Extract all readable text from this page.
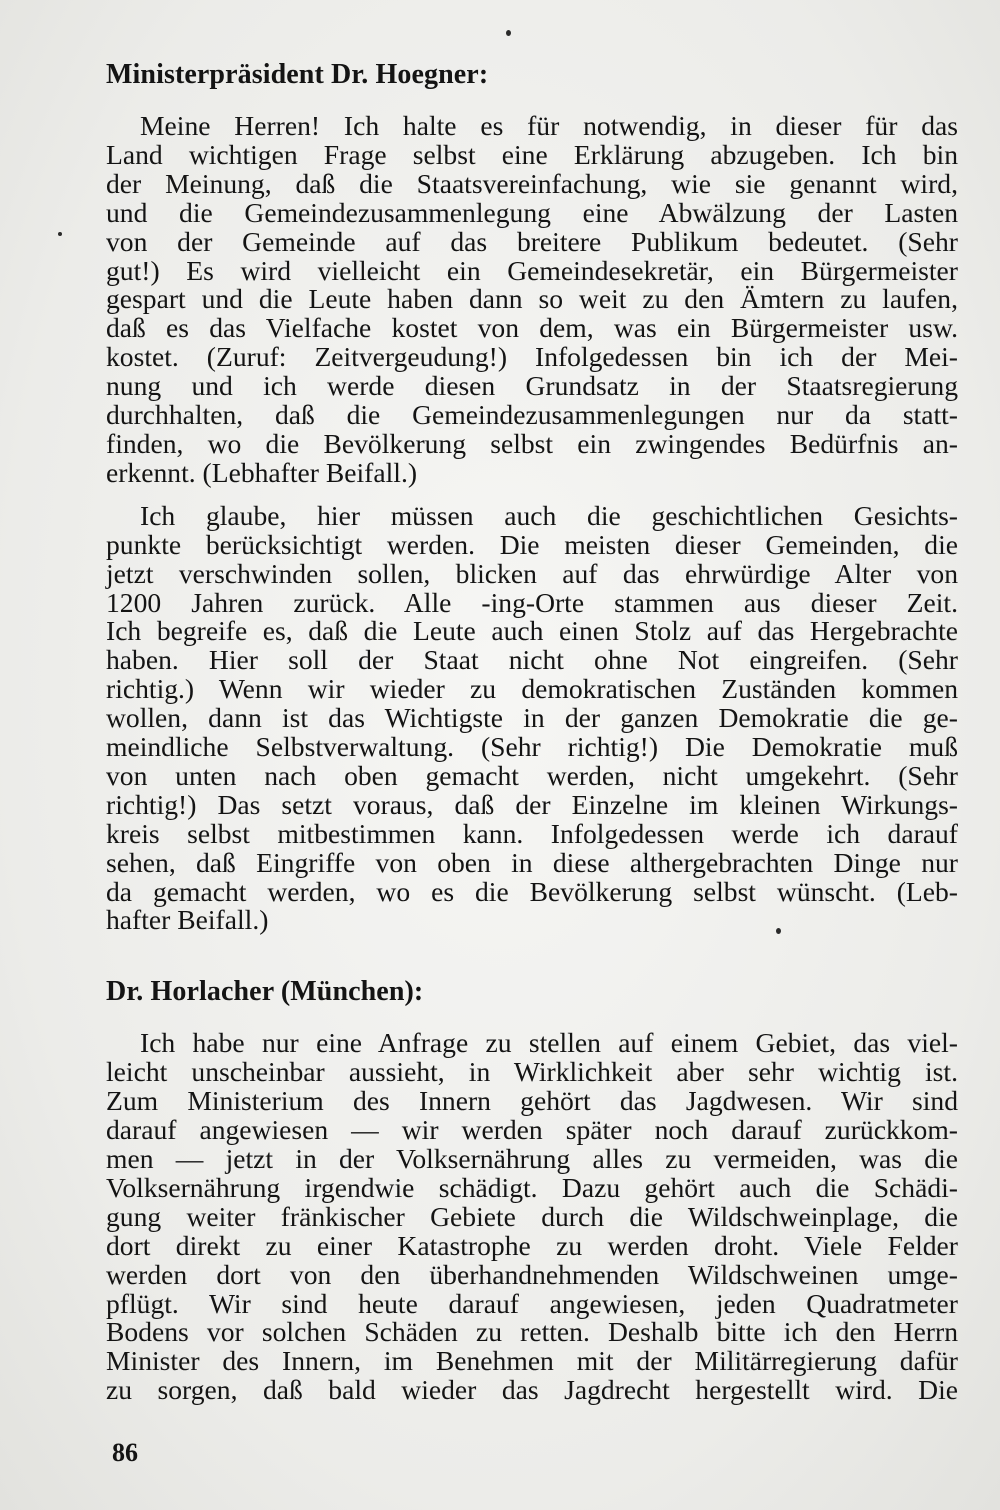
Ministerpräsident Dr. Hoegner:
Meine Herren! Ich halte es für notwendig, in dieser für das
Land wichtigen Frage selbst eine Erklärung abzugeben. Ich bin
der Meinung, daß die Staatsvereinfachung, wie sie genannt wird,
und die Gemeindezusammenlegung eine Abwälzung der Lasten
von der Gemeinde auf das breitere Publikum bedeutet. (Sehr
gut!) Es wird vielleicht ein Gemeindesekretär, ein Bürgermeister
gespart und die Leute haben dann so weit zu den Ämtern zu laufen,
daß es das Vielfache kostet von dem, was ein Bürgermeister usw.
kostet. (Zuruf: Zeitvergeudung!) Infolgedessen bin ich der Mei-
nung und ich werde diesen Grundsatz in der Staatsregierung
durchhalten, daß die Gemeindezusammenlegungen nur da statt-
finden, wo die Bevölkerung selbst ein zwingendes Bedürfnis an-
erkennt. (Lebhafter Beifall.)
Ich glaube, hier müssen auch die geschichtlichen Gesichts-
punkte berücksichtigt werden. Die meisten dieser Gemeinden, die
jetzt verschwinden sollen, blicken auf das ehrwürdige Alter von
1200 Jahren zurück. Alle -ing-Orte stammen aus dieser Zeit.
Ich begreife es, daß die Leute auch einen Stolz auf das Hergebrachte
haben. Hier soll der Staat nicht ohne Not eingreifen. (Sehr
richtig.) Wenn wir wieder zu demokratischen Zuständen kommen
wollen, dann ist das Wichtigste in der ganzen Demokratie die ge-
meindliche Selbstverwaltung. (Sehr richtig!) Die Demokratie muß
von unten nach oben gemacht werden, nicht umgekehrt. (Sehr
richtig!) Das setzt voraus, daß der Einzelne im kleinen Wirkungs-
kreis selbst mitbestimmen kann. Infolgedessen werde ich darauf
sehen, daß Eingriffe von oben in diese althergebrachten Dinge nur
da gemacht werden, wo es die Bevölkerung selbst wünscht. (Leb-
hafter Beifall.)
Dr. Horlacher (München):
Ich habe nur eine Anfrage zu stellen auf einem Gebiet, das viel-
leicht unscheinbar aussieht, in Wirklichkeit aber sehr wichtig ist.
Zum Ministerium des Innern gehört das Jagdwesen. Wir sind
darauf angewiesen — wir werden später noch darauf zurückkom-
men — jetzt in der Volksernährung alles zu vermeiden, was die
Volksernährung irgendwie schädigt. Dazu gehört auch die Schädi-
gung weiter fränkischer Gebiete durch die Wildschweinplage, die
dort direkt zu einer Katastrophe zu werden droht. Viele Felder
werden dort von den überhandnehmenden Wildschweinen umge-
pflügt. Wir sind heute darauf angewiesen, jeden Quadratmeter
Bodens vor solchen Schäden zu retten. Deshalb bitte ich den Herrn
Minister des Innern, im Benehmen mit der Militärregierung dafür
zu sorgen, daß bald wieder das Jagdrecht hergestellt wird. Die
86
